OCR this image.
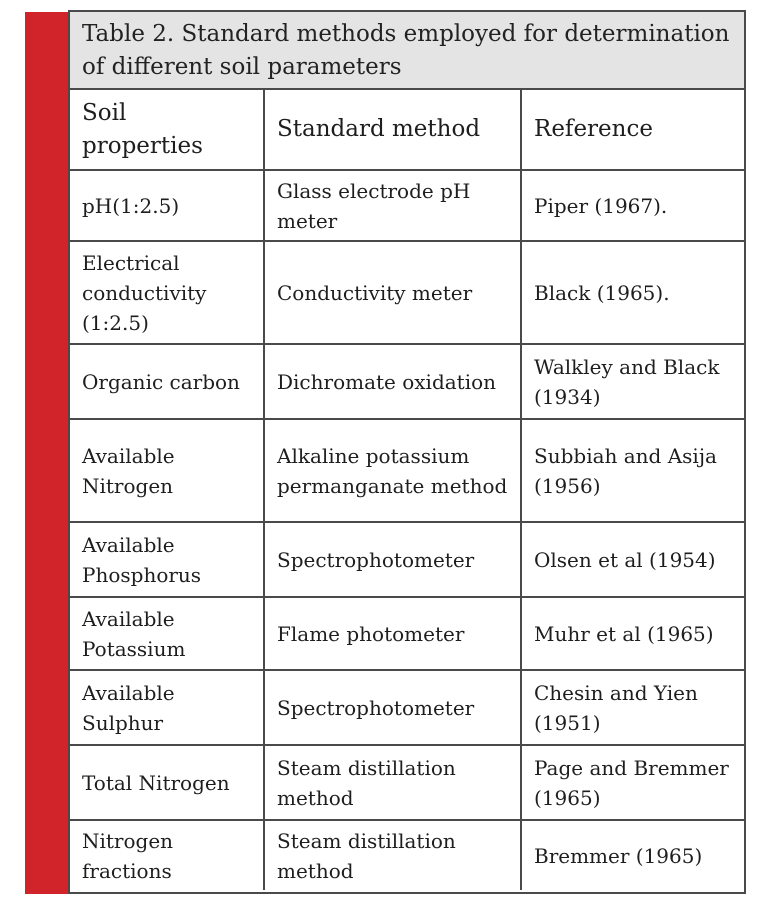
Table 2. Standard methods employed for determination of different soil parameters
Soil properties	Standard method	Reference
pH(1:2.5)	Glass electrode pH meter	Piper (1967).
Electrical conductivity (1:2.5)	Conductivity meter	Black (1965).
Organic carbon	Dichromate oxidation	Walkley and Black (1934)
Available Nitrogen	Alkaline potassium permanganate method	Subbiah and Asija (1956)
Available Phosphorus	Spectrophotometer	Olsen et al (1954)
Available Potassium	Flame photometer	Muhr et al (1965)
Available Sulphur	Spectrophotometer	Chesin and Yien (1951)
Total Nitrogen	Steam distillation method	Page and Bremmer (1965)
Nitrogen fractions	Steam distillation method	Bremmer (1965)
